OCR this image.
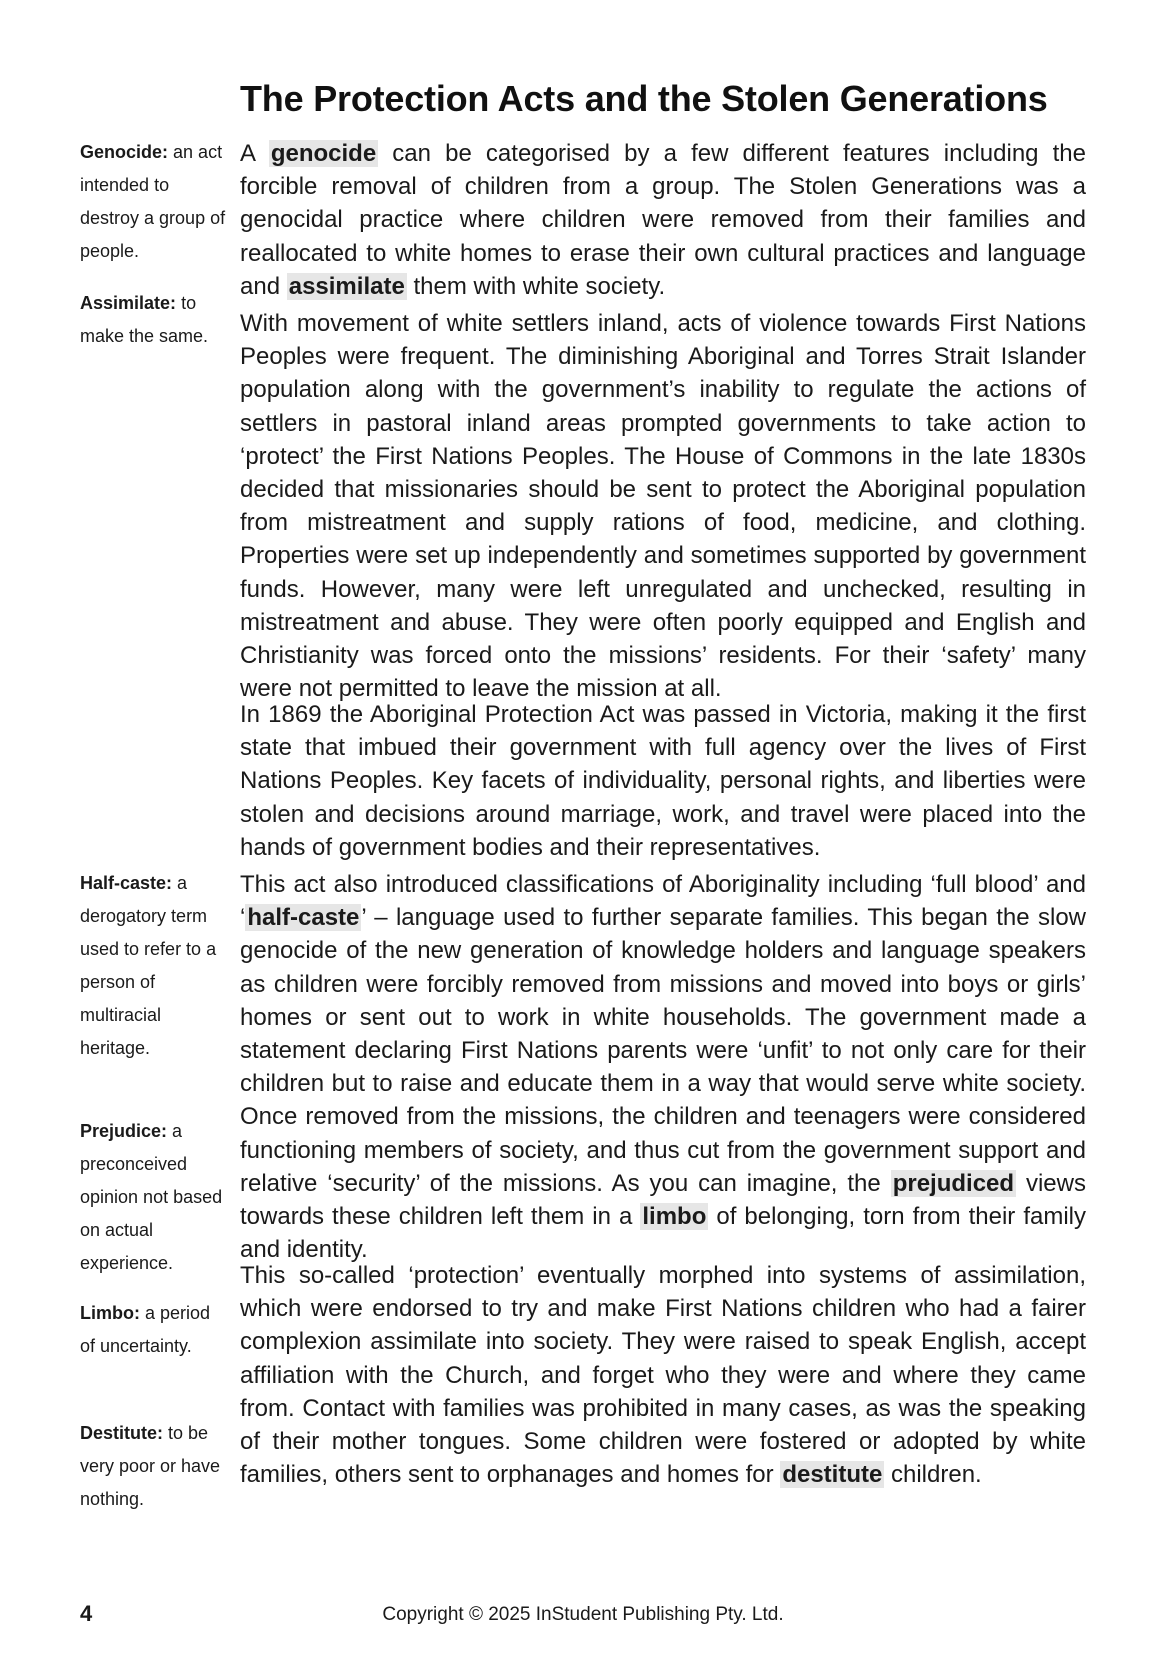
The Protection Acts and the Stolen Generations
Genocide: an act intended to destroy a group of people.
Assimilate: to make the same.
Half-caste: a derogatory term used to refer to a person of multiracial heritage.
Prejudice: a preconceived opinion not based on actual experience.
Limbo: a period of uncertainty.
Destitute: to be very poor or have nothing.

A genocide can be categorised by a few different features including the forcible removal of children from a group. The Stolen Generations was a genocidal practice where children were removed from their families and reallocated to white homes to erase their own cultural practices and language and assimilate them with white society.

With movement of white settlers inland, acts of violence towards First Nations Peoples were frequent. The diminishing Aboriginal and Torres Strait Islander population along with the government’s inability to regulate the actions of settlers in pastoral inland areas prompted governments to take action to ‘protect’ the First Nations Peoples. The House of Commons in the late 1830s decided that missionaries should be sent to protect the Aboriginal population from mistreatment and supply rations of food, medicine, and clothing. Properties were set up independently and sometimes supported by government funds. However, many were left unregulated and unchecked, resulting in mistreatment and abuse. They were often poorly equipped and English and Christianity was forced onto the missions’ residents. For their ‘safety’ many were not permitted to leave the mission at all.

In 1869 the Aboriginal Protection Act was passed in Victoria, making it the first state that imbued their government with full agency over the lives of First Nations Peoples. Key facets of individuality, personal rights, and liberties were stolen and decisions around marriage, work, and travel were placed into the hands of government bodies and their representatives.

This act also introduced classifications of Aboriginality including ‘full blood’ and ‘half-caste’ – language used to further separate families. This began the slow genocide of the new generation of knowledge holders and language speakers as children were forcibly removed from missions and moved into boys or girls’ homes or sent out to work in white households. The government made a statement declaring First Nations parents were ‘unfit’ to not only care for their children but to raise and educate them in a way that would serve white society. Once removed from the missions, the children and teenagers were considered functioning members of society, and thus cut from the government support and relative ‘security’ of the missions. As you can imagine, the prejudiced views towards these children left them in a limbo of belonging, torn from their family and identity.

This so-called ‘protection’ eventually morphed into systems of assimilation, which were endorsed to try and make First Nations children who had a fairer complexion assimilate into society. They were raised to speak English, accept affiliation with the Church, and forget who they were and where they came from. Contact with families was prohibited in many cases, as was the speaking of their mother tongues. Some children were fostered or adopted by white families, others sent to orphanages and homes for destitute children.

4	Copyright © 2025 InStudent Publishing Pty. Ltd.
